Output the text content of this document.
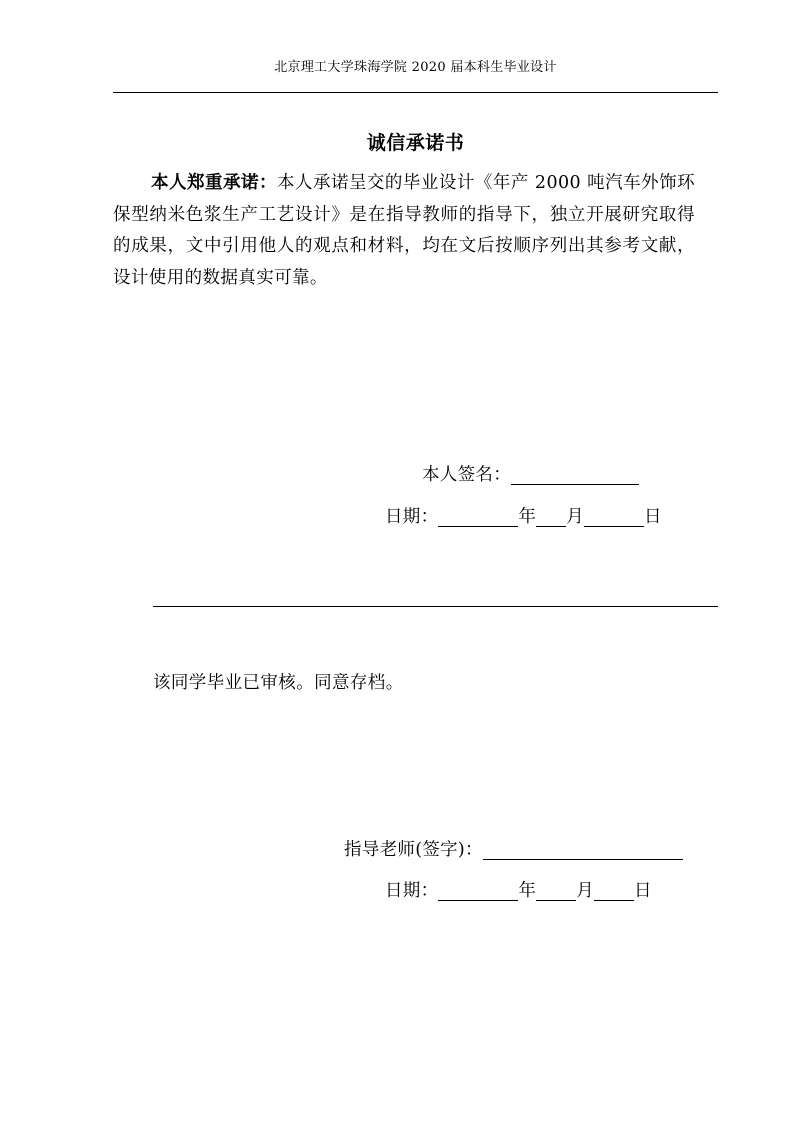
北京理工大学珠海学院 2020 届本科生毕业设计
诚信承诺书
本人郑重承诺：本人承诺呈交的毕业设计《年产 2000 吨汽车外饰环保型纳米色浆生产工艺设计》是在指导教师的指导下，独立开展研究取得的成果，文中引用他人的观点和材料，均在文后按顺序列出其参考文献，设计使用的数据真实可靠。
本人签名：
日期：	年 月	日
该同学毕业已审核。同意存档。
指导老师(签字)：
日期：	年 月 日
